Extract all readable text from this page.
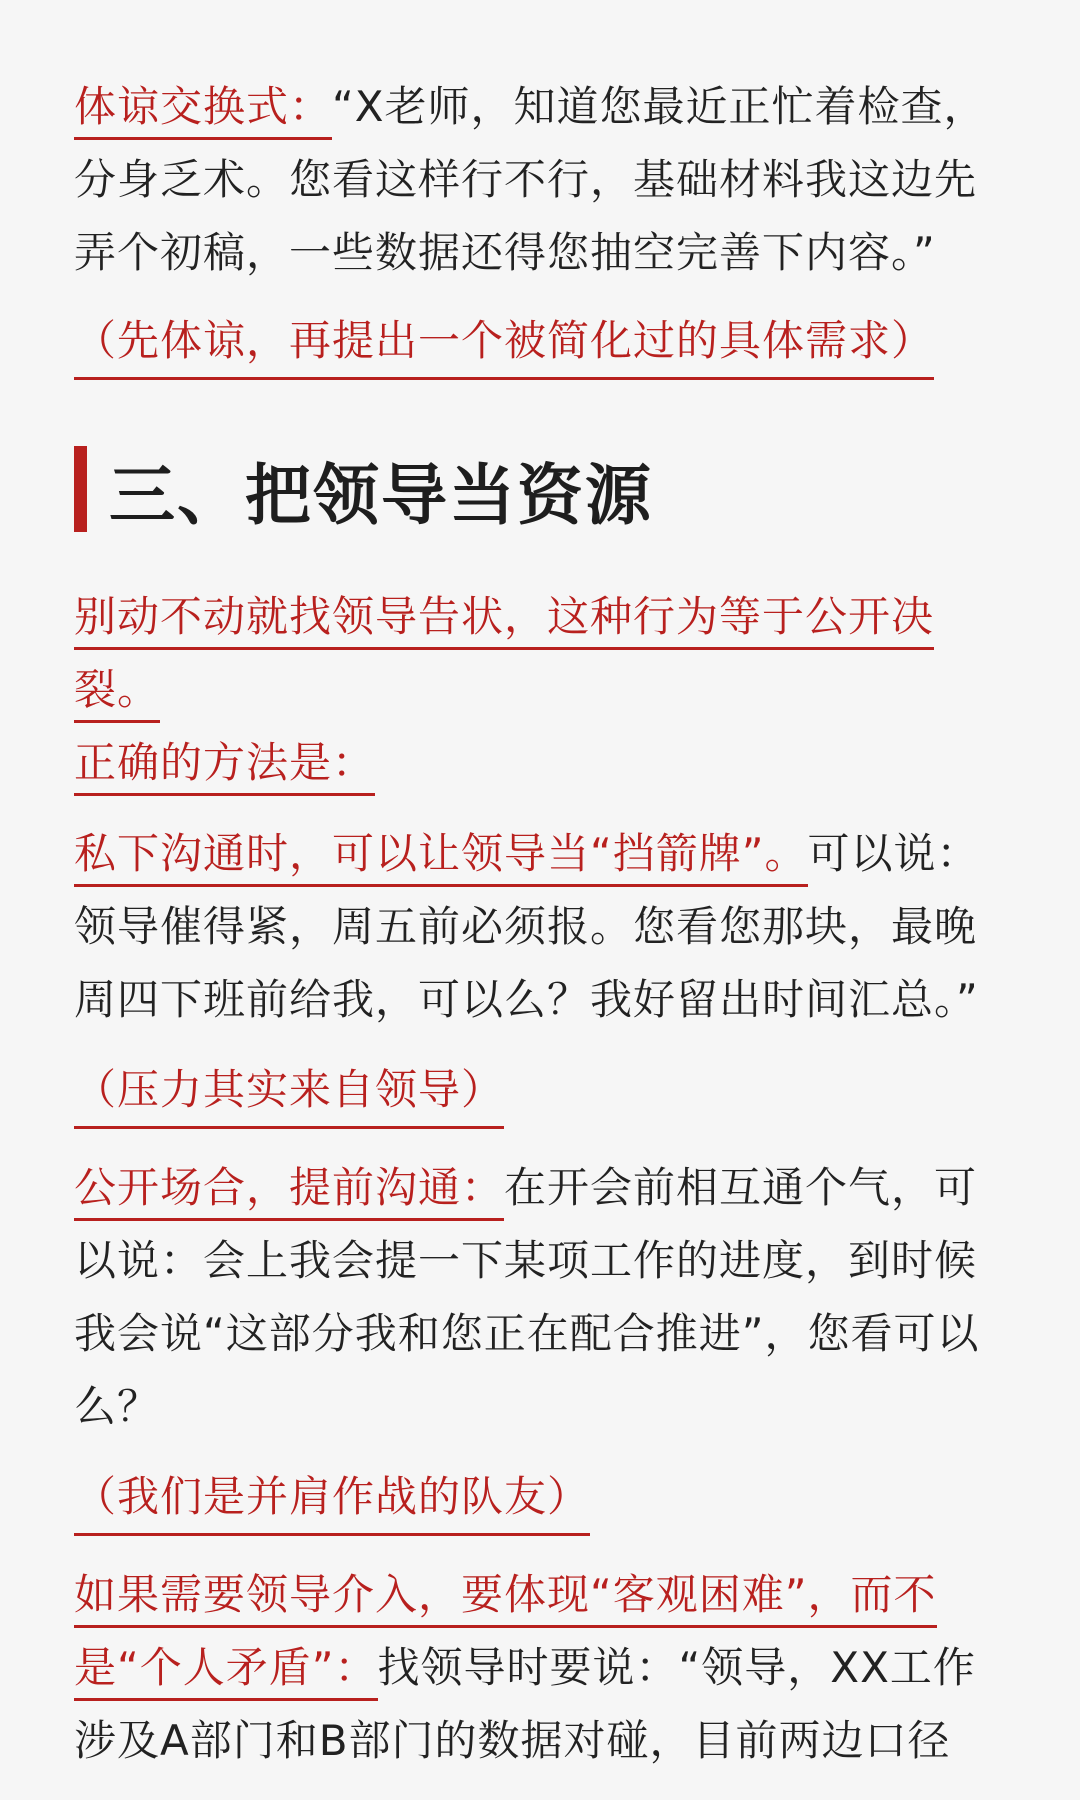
体谅交换式：“X老师，知道您最近正忙着检查，分身乏术。您看这样行不行，基础材料我这边先弄个初稿，一些数据还得您抽空完善下内容。”

（先体谅，再提出一个被简化过的具体需求）
三、把领导当资源

别动不动就找领导告状，这种行为等于公开决裂。
正确的方法是：

私下沟通时，可以让领导当“挡箭牌”。可以说：领导催得紧，周五前必须报。您看您那块，最晚周四下班前给我，可以么？我好留出时间汇总。”

（压力其实来自领导）

公开场合，提前沟通：在开会前相互通个气，可以说：会上我会提一下某项工作的进度，到时候我会说“这部分我和您正在配合推进”，您看可以么？

（我们是并肩作战的队友）

如果需要领导介入，要体现“客观困难”，而不是“个人矛盾”：找领导时要说：“领导，XX工作涉及A部门和B部门的数据对碰，目前两边口径
